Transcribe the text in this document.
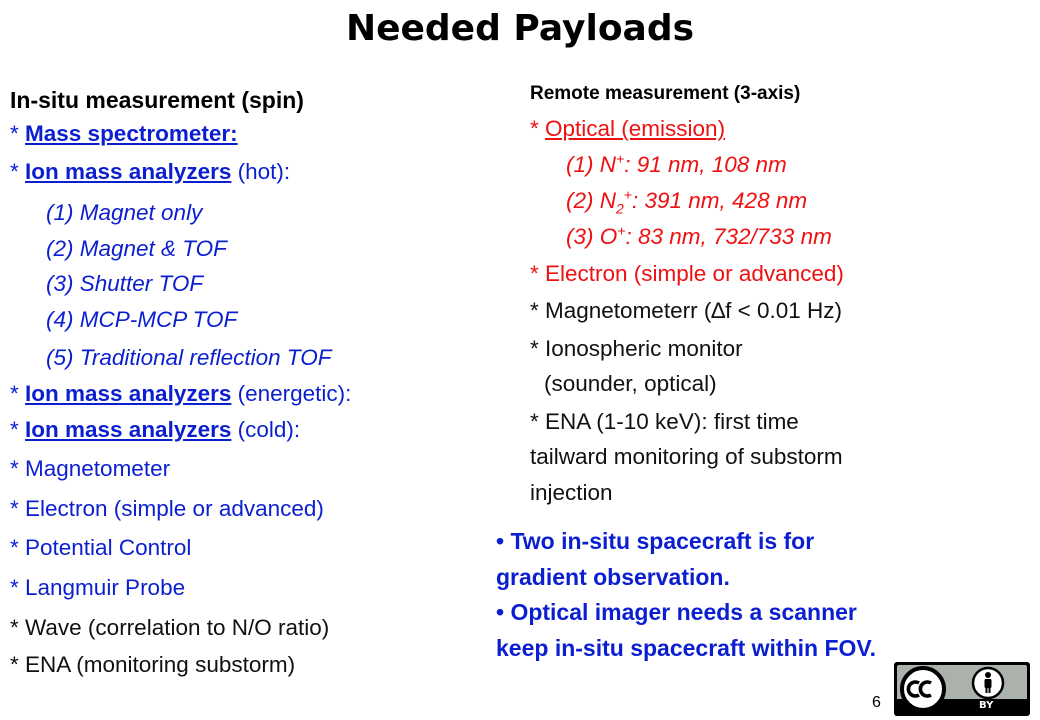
Needed Payloads
In-situ measurement (spin)
* Mass spectrometer:
* Ion mass analyzers (hot):
(1) Magnet only
(2) Magnet & TOF
(3) Shutter TOF
(4) MCP-MCP TOF
(5) Traditional reflection TOF
* Ion mass analyzers (energetic):
* Ion mass analyzers (cold):
* Magnetometer
* Electron (simple or advanced)
* Potential Control
* Langmuir Probe
* Wave (correlation to N/O ratio)
* ENA (monitoring substorm)
Remote measurement (3-axis)
* Optical (emission)
(1) N+: 91 nm, 108 nm
(2) $N_2^+$: 391 nm, 428 nm
(3) O+: 83 nm, 732/733 nm
* Electron (simple or advanced)
* Magnetometerr (∆f < 0.01 Hz)
* Ionospheric monitor
(sounder, optical)
* ENA (1-10 keV): first time
tailward monitoring of substorm
injection
• Two in-situ spacecraft is for
gradient observation.
• Optical imager needs a scanner
keep in-situ spacecraft within FOV.
6	BY
